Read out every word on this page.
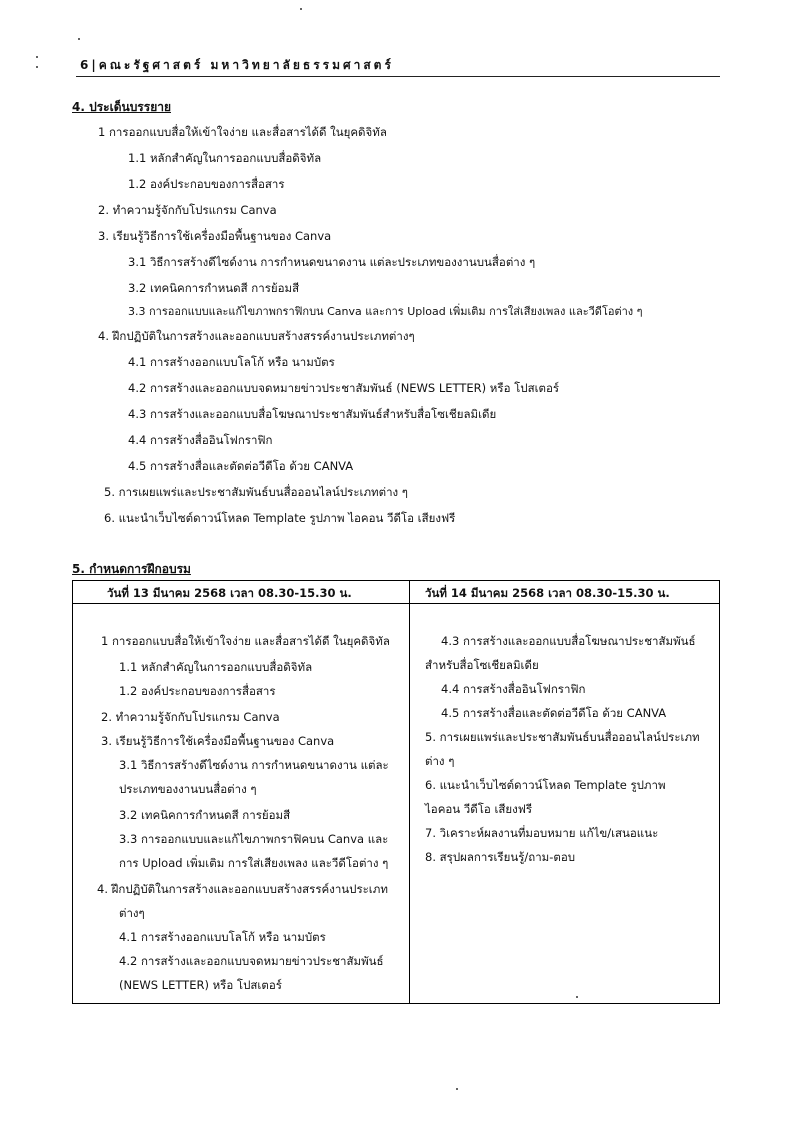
6|คณะรัฐศาสตร์ มหาวิทยาลัยธรรมศาสตร์
4. ประเด็นบรรยาย
1 การออกแบบสื่อให้เข้าใจง่าย และสื่อสารได้ดี ในยุคดิจิทัล
1.1 หลักสำคัญในการออกแบบสื่อดิจิทัล
1.2 องค์ประกอบของการสื่อสาร
2. ทำความรู้จักกับโปรแกรม Canva
3. เรียนรู้วิธีการใช้เครื่องมือพื้นฐานของ Canva
3.1 วิธีการสร้างดีไซด์งาน การกำหนดขนาดงาน แต่ละประเภทของงานบนสื่อต่าง ๆ
3.2 เทคนิคการกำหนดสี การย้อมสี
3.3 การออกแบบและแก้ไขภาพกราฟิกบน Canva และการ Upload เพิ่มเติม การใส่เสียงเพลง และวีดีโอต่าง ๆ
4. ฝึกปฏิบัติในการสร้างและออกแบบสร้างสรรค์งานประเภทต่างๆ
4.1 การสร้างออกแบบโลโก้ หรือ นามบัตร
4.2 การสร้างและออกแบบจดหมายข่าวประชาสัมพันธ์ (NEWS LETTER) หรือ โปสเตอร์
4.3 การสร้างและออกแบบสื่อโฆษณาประชาสัมพันธ์สำหรับสื่อโซเชียลมิเดีย
4.4 การสร้างสื่ออินโฟกราฟิก
4.5 การสร้างสื่อและตัดต่อวีดีโอ ด้วย CANVA
5. การเผยแพร่และประชาสัมพันธ์บนสื่อออนไลน์ประเภทต่าง ๆ
6. แนะนำเว็บไซต์ดาวน์โหลด Template รูปภาพ ไอคอน วีดีโอ เสียงฟรี
5. กำหนดการฝึกอบรม
วันที่ 13 มีนาคม 2568 เวลา 08.30-15.30 น.	วันที่ 14 มีนาคม 2568 เวลา 08.30-15.30 น.
1 การออกแบบสื่อให้เข้าใจง่าย และสื่อสารได้ดี ในยุคดิจิทัล
1.1 หลักสำคัญในการออกแบบสื่อดิจิทัล
1.2 องค์ประกอบของการสื่อสาร
2. ทำความรู้จักกับโปรแกรม Canva
3. เรียนรู้วิธีการใช้เครื่องมือพื้นฐานของ Canva
3.1 วิธีการสร้างดีไซด์งาน การกำหนดขนาดงาน แต่ละ
ประเภทของงานบนสื่อต่าง ๆ
3.2 เทคนิคการกำหนดสี การย้อมสี
3.3 การออกแบบและแก้ไขภาพกราฟิคบน Canva และ
การ Upload เพิ่มเติม การใส่เสียงเพลง และวีดีโอต่าง ๆ
4. ฝึกปฏิบัติในการสร้างและออกแบบสร้างสรรค์งานประเภท
ต่างๆ
4.1 การสร้างออกแบบโลโก้ หรือ นามบัตร
4.2 การสร้างและออกแบบจดหมายข่าวประชาสัมพันธ์
(NEWS LETTER) หรือ โปสเตอร์
4.3 การสร้างและออกแบบสื่อโฆษณาประชาสัมพันธ์
สำหรับสื่อโซเชียลมิเดีย
4.4 การสร้างสื่ออินโฟกราฟิก
4.5 การสร้างสื่อและตัดต่อวีดีโอ ด้วย CANVA
5. การเผยแพร่และประชาสัมพันธ์บนสื่อออนไลน์ประเภท
ต่าง ๆ
6. แนะนำเว็บไซต์ดาวน์โหลด Template รูปภาพ
ไอคอน วีดีโอ เสียงฟรี
7. วิเคราะห์ผลงานที่มอบหมาย แก้ไข/เสนอแนะ
8. สรุปผลการเรียนรู้/ถาม-ตอบ
